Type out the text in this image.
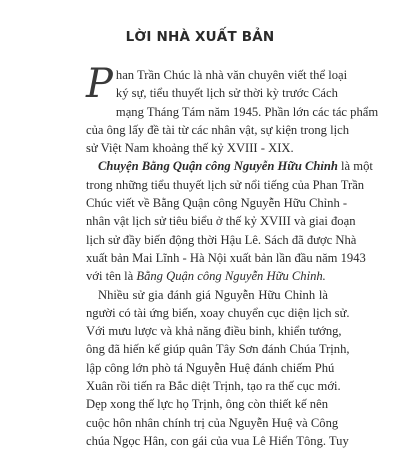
LỜI NHÀ XUẤT BẢN
P han Trần Chúc là nhà văn chuyên viết thể loại
ký sự, tiểu thuyết lịch sử thời kỳ trước Cách
mạng Tháng Tám năm 1945. Phần lớn các tác phẩm
của ông lấy đề tài từ các nhân vật, sự kiện trong lịch
sử Việt Nam khoảng thế kỷ XVIII - XIX.
Chuyện Bằng Quận công Nguyễn Hữu Chỉnh là một
trong những tiểu thuyết lịch sử nổi tiếng của Phan Trần
Chúc viết về Bằng Quận công Nguyễn Hữu Chỉnh -
nhân vật lịch sử tiêu biểu ở thế kỷ XVIII và giai đoạn
lịch sử đầy biến động thời Hậu Lê. Sách đã được Nhà
xuất bản Mai Lĩnh - Hà Nội xuất bản lần đầu năm 1943
với tên là Bằng Quận công Nguyễn Hữu Chỉnh.
Nhiều sử gia đánh giá Nguyễn Hữu Chỉnh là
người có tài ứng biến, xoay chuyển cục diện lịch sử.
Với mưu lược và khả năng điều binh, khiển tướng,
ông đã hiến kế giúp quân Tây Sơn đánh Chúa Trịnh,
lập công lớn phò tá Nguyễn Huệ đánh chiếm Phú
Xuân rồi tiến ra Bắc diệt Trịnh, tạo ra thế cục mới.
Dẹp xong thế lực họ Trịnh, ông còn thiết kế nên
cuộc hôn nhân chính trị của Nguyễn Huệ và Công
chúa Ngọc Hân, con gái của vua Lê Hiển Tông. Tuy
